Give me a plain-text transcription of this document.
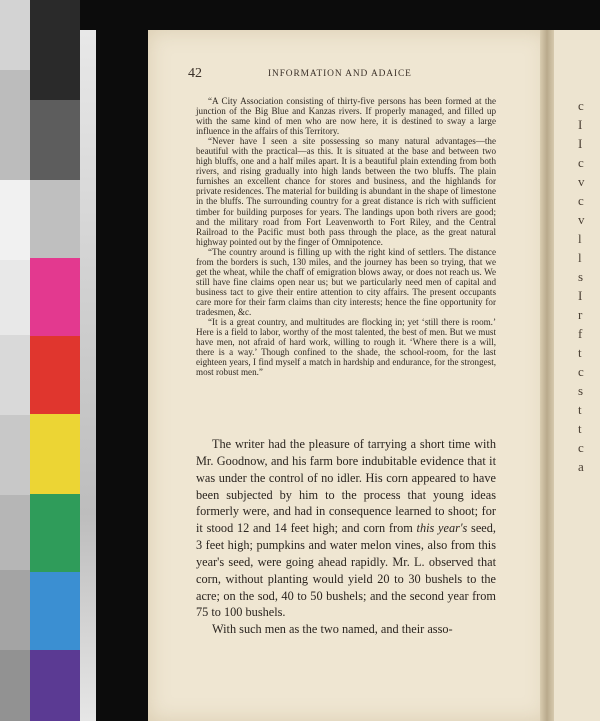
c
I
I
c
v
c
v
l
l
s
I
r
f
t
c
s
t
t
c
a
42	INFORMATION AND ADAICE

“A City Association consisting of thirty-five persons has been formed at the junction of the Big Blue and Kanzas rivers. If properly managed, and filled up with the same kind of men who are now here, it is destined to sway a large influence in the affairs of this Territory.

“Never have I seen a site possessing so many natural advantages—the beautiful with the practical—as this. It is situated at the base and between two high bluffs, one and a half miles apart. It is a beautiful plain extending from both rivers, and rising gradually into high lands between the two bluffs. The plain furnishes an excellent chance for stores and business, and the highlands for private residences. The material for building is abundant in the shape of limestone in the bluffs. The surrounding country for a great distance is rich with sufficient timber for building purposes for years. The landings upon both rivers are good; and the military road from Fort Leavenworth to Fort Riley, and the Central Railroad to the Pacific must both pass through the place, as the great natural highway pointed out by the finger of Omnipotence.

“The country around is filling up with the right kind of settlers. The distance from the borders is such, 130 miles, and the journey has been so trying, that we get the wheat, while the chaff of emigration blows away, or does not reach us. We still have fine claims open near us; but we particularly need men of capital and business tact to give their entire attention to city affairs. The present occupants care more for their farm claims than city interests; hence the fine opportunity for tradesmen, &c.

“It is a great country, and multitudes are flocking in; yet ‘still there is room.’ Here is a field to labor, worthy of the most talented, the best of men. But we must have men, not afraid of hard work, willing to rough it. ‘Where there is a will, there is a way.’ Though confined to the shade, the school-room, for the last eighteen years, I find myself a match in hardship and endurance, for the strongest, most robust men.”

The writer had the pleasure of tarrying a short time with Mr. Goodnow, and his farm bore indubitable evidence that it was under the control of no idler. His corn appeared to have been subjected by him to the process that young ideas formerly were, and had in consequence learned to shoot; for it stood 12 and 14 feet high; and corn from this year's seed, 3 feet high; pumpkins and water melon vines, also from this year's seed, were going ahead rapidly. Mr. L. observed that corn, without planting would yield 20 to 30 bushels to the acre; on the sod, 40 to 50 bushels; and the second year from 75 to 100 bushels.

With such men as the two named, and their asso-
